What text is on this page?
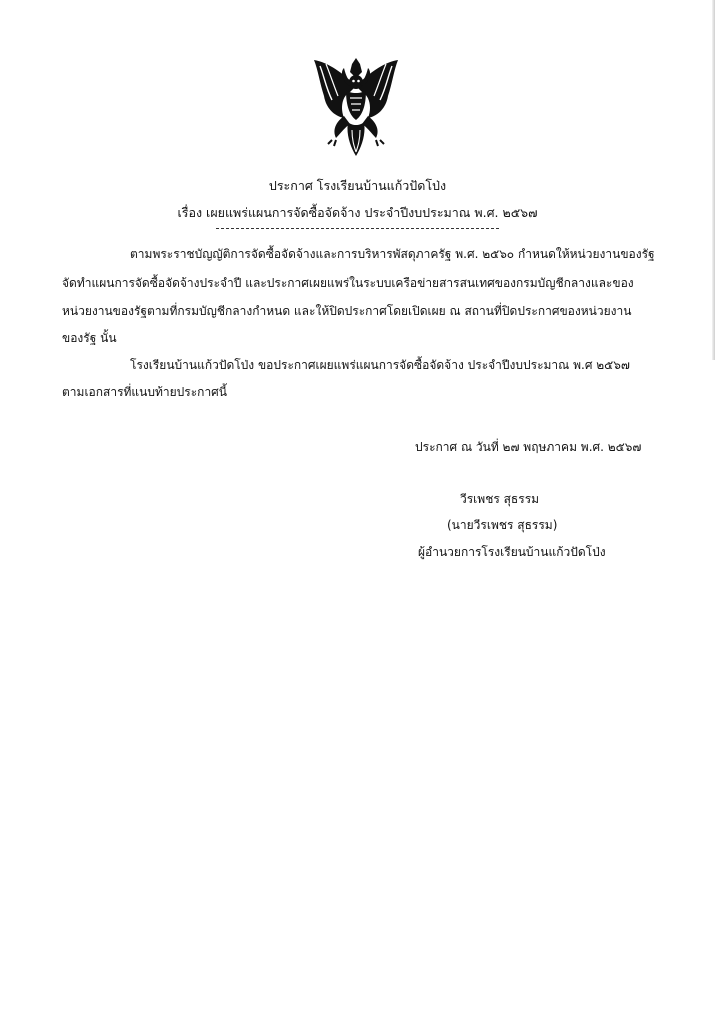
ประกาศ โรงเรียนบ้านแก้วปัดโป่ง
เรื่อง เผยแพร่แผนการจัดซื้อจัดจ้าง ประจำปีงบประมาณ พ.ศ. ๒๕๖๗
ตามพระราชบัญญัติการจัดซื้อจัดจ้างและการบริหารพัสดุภาครัฐ พ.ศ. ๒๕๖๐ กำหนดให้หน่วยงานของรัฐ
จัดทำแผนการจัดซื้อจัดจ้างประจำปี และประกาศเผยแพร่ในระบบเครือข่ายสารสนเทศของกรมบัญชีกลางและของ
หน่วยงานของรัฐตามที่กรมบัญชีกลางกำหนด และให้ปิดประกาศโดยเปิดเผย ณ สถานที่ปิดประกาศของหน่วยงาน
ของรัฐ นั้น
โรงเรียนบ้านแก้วปัดโป่ง ขอประกาศเผยแพร่แผนการจัดซื้อจัดจ้าง ประจำปีงบประมาณ พ.ศ ๒๕๖๗
ตามเอกสารที่แนบท้ายประกาศนี้
ประกาศ ณ วันที่ ๒๗ พฤษภาคม พ.ศ. ๒๕๖๗
วีรเพชร สุธรรม
(นายวีรเพชร สุธรรม)
ผู้อำนวยการโรงเรียนบ้านแก้วปัดโป่ง
